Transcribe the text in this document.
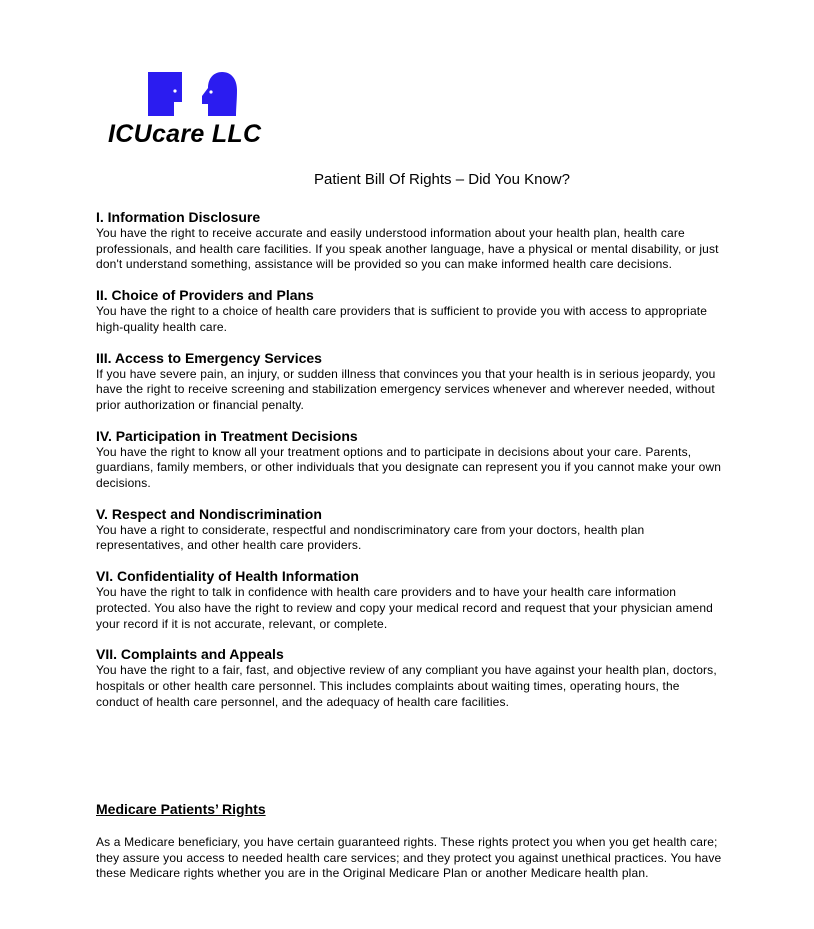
ICUcare LLC
Patient Bill Of Rights – Did You Know?

I. Information Disclosure

You have the right to receive accurate and easily understood information about your health plan, health care professionals, and health care facilities. If you speak another language, have a physical or mental disability, or just don't understand something, assistance will be provided so you can make informed health care decisions.

II. Choice of Providers and Plans

You have the right to a choice of health care providers that is sufficient to provide you with access to appropriate high-quality health care.

III. Access to Emergency Services

If you have severe pain, an injury, or sudden illness that convinces you that your health is in serious jeopardy, you have the right to receive screening and stabilization emergency services whenever and wherever needed, without prior authorization or financial penalty.

IV. Participation in Treatment Decisions

You have the right to know all your treatment options and to participate in decisions about your care. Parents, guardians, family members, or other individuals that you designate can represent you if you cannot make your own decisions.

V. Respect and Nondiscrimination

You have a right to considerate, respectful and nondiscriminatory care from your doctors, health plan representatives, and other health care providers.

VI. Confidentiality of Health Information

You have the right to talk in confidence with health care providers and to have your health care information protected. You also have the right to review and copy your medical record and request that your physician amend your record if it is not accurate, relevant, or complete.

VII. Complaints and Appeals

You have the right to a fair, fast, and objective review of any compliant you have against your health plan, doctors, hospitals or other health care personnel. This includes complaints about waiting times, operating hours, the conduct of health care personnel, and the adequacy of health care facilities.

Medicare Patients’ Rights

As a Medicare beneficiary, you have certain guaranteed rights. These rights protect you when you get health care; they assure you access to needed health care services; and they protect you against unethical practices. You have these Medicare rights whether you are in the Original Medicare Plan or another Medicare health plan.
